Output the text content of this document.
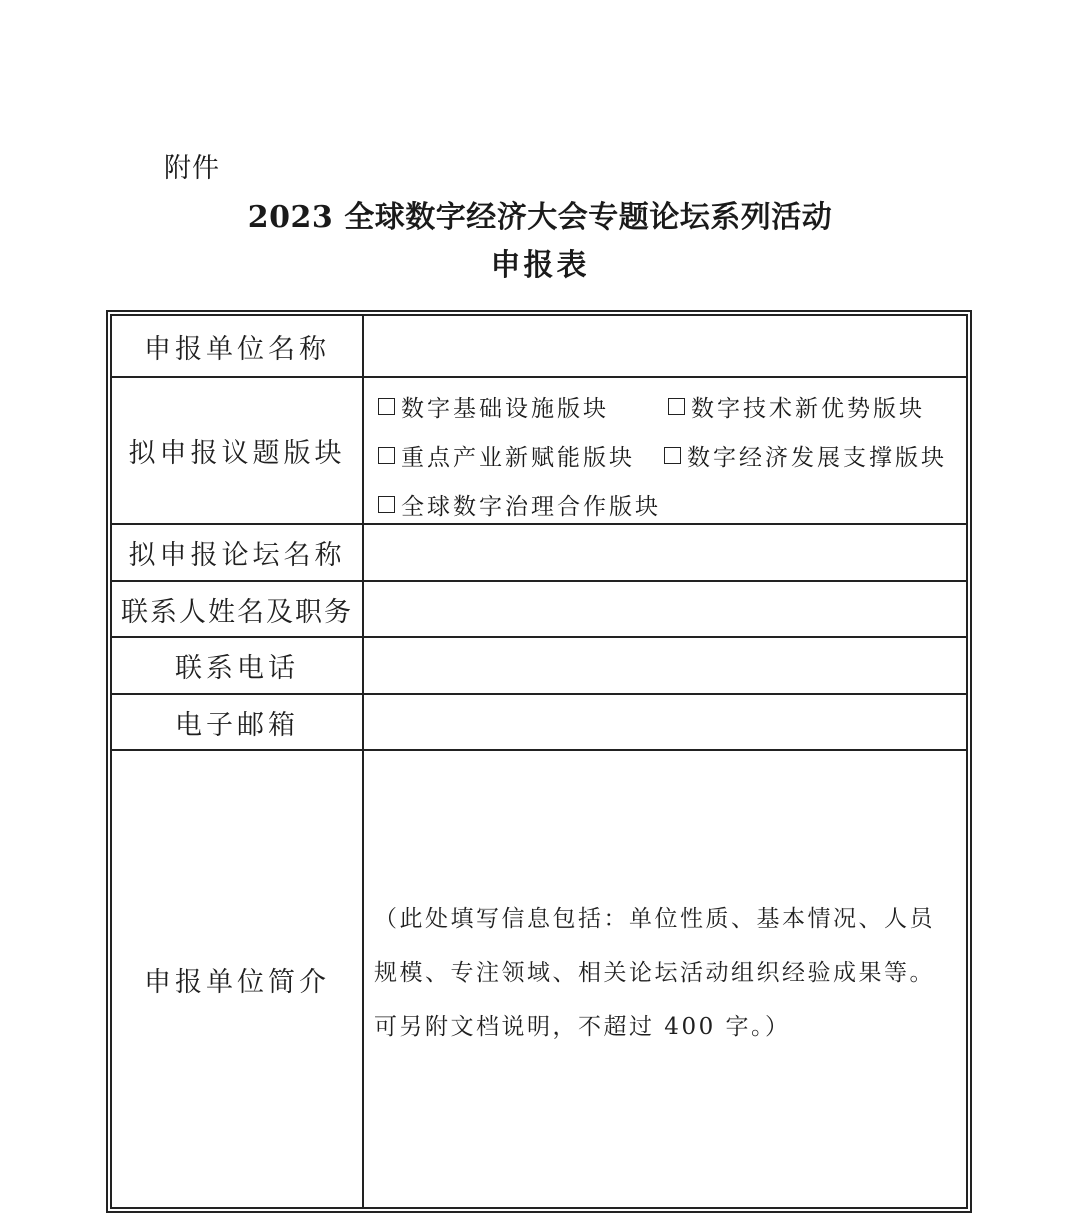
附件
2023 全球数字经济大会专题论坛系列活动
申报表
申报单位名称	
拟申报议题版块	数字基础设施版块 数字技术新优势版块
重点产业新赋能版块 数字经济发展支撑版块
全球数字治理合作版块

拟申报论坛名称	
联系人姓名及职务	
联系电话	
电子邮箱	
申报单位简介	（此处填写信息包括：单位性质、基本情况、人员规模、专注领域、相关论坛活动组织经验成果等。可另附文档说明，不超过 400 字。）
